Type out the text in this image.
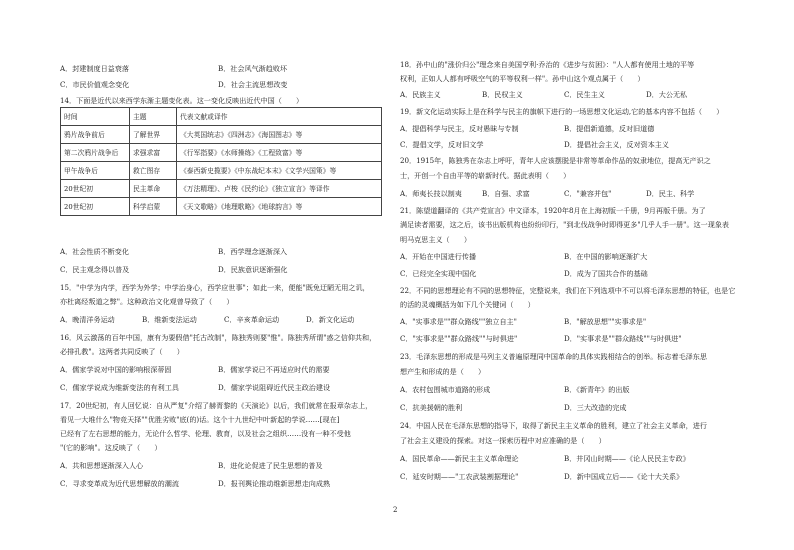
A．封建制度日益衰落	B．社会风气渐趋败坏
C．市民价值观念变化	D．社会主流思想改变
14．下面是近代以来西学东渐主题变化表。这一变化反映出近代中国（　　）
时间	主题	代表文献或译作
鸦片战争前后	了解世界	《大英国统志》《四洲志》《海国图志》等
第二次鸦片战争后	求强求富	《行军指要》《水师操练》《工程致富》等
甲午战争后	救亡图存	《泰西新史揽要》《中东战纪本末》《文学兴国策》等
20世纪初	民主革命	《万法精理》、卢梭《民约论》《独立宣言》等译作
20世纪初	科学启蒙	《天文歌略》《地理歌略》《地球韵言》等
A．社会性质不断变化	B．西学理念逐渐深入
C．民主观念得以普及	D．民族意识逐渐强化
15．"中学为内学，西学为外学；中学治身心，西学应世事"；如此一来，便能"既免迂陋无用之讥，
亦杜离经叛道之弊"。这种政治文化观曾导致了（　　）
A．晚清洋务运动	B．维新变法运动	C．辛亥革命运动	D．新文化运动
16．风云激荡的百年中国，康有为要假借"托古改制"，陈独秀则要"惟"。陈独秀所谓"惑之信仰共和，
必排孔教"。这两者共同反映了（　　）
A．儒家学说对中国的影响根深蒂固	B．儒家学说已不再适应时代的需要
C．儒家学说成为维新变法的有利工具	D．儒家学说阻碍近代民主政治建设
17．20世纪初，有人回忆说：自从严复"介绍了赫胥黎的《天演论》以后，我们就常在报章杂志上，
看见一大堆什么"物竞天择""优胜劣败"底(的)话。这个十九世纪中叶新起的学说……[现在]
已经有了左右思想的能力，无论什么哲学、伦理、教育，以及社会之组织……没有一种不受他
"(它的影响"。这反映了（　　）
A．共和思想逐渐深入人心	B．进化论促进了民生思想的普及
C．寻求变革成为近代思想解放的潮流	D．报刊舆论推动维新思想走向成熟
18．孙中山的"涨价归公"理念来自美国亨利·乔治的《进步与贫困》："人人都有使用土地的平等
权利，正如人人都有呼吸空气的平等权利一样"。孙中山这个观点属于（　　）
A．民族主义	B．民权主义	C．民生主义	D．大公无私
19．新文化运动实际上是在科学与民主的旗帜下进行的一场思想文化运动,它的基本内容不包括（　　）
A．提倡科学与民主，反对愚昧与专制	B．提倡新道德，反对旧道德
C．提倡文学，反对旧文学	D．提倡社会主义，反对资本主义
20．1915年，陈独秀在杂志上呼吁，青年人应该摆脱是非常等革命作品的奴隶地位，提高无产识之
士，开创一个自由平等的崭新时代。据此表明（　　）
A．师夷长技以制夷	B．自强、求富	C．"兼容并包"	D．民主、科学
21．陈望道翻译的《共产党宣言》中文译本，1920年8月在上海初版一千册，9月再版千册。为了
满足读者需要，这之后，该书出版机构也纷纷印行，"到北伐战争时即得更多"几乎人手一册"。这一现象表
明马克思主义（　　）
A．开始在中国进行传播	B．在中国的影响逐渐扩大
C．已经完全实现中国化	D．成为了国共合作的基础
22．不同的思想理论有不同的思想特征，完整说来，我们在下列选项中不可以将毛泽东思想的特征，也是它
的活的灵魂概括为如下几个关键词（　　）
A．"实事求是""群众路线""独立自主"	B．"解放思想""实事求是"
C．"实事求是""群众路线""与时俱进"	D．"实事求是""群众路线""与时俱进"
23．毛泽东思想的形成是马列主义普遍原理同中国革命的具体实践相结合的创举。标志着毛泽东思
想产生和形成的是（　　）
A．农村包围城市道路的形成	B．《新青年》的出版
C．抗美援朝的胜利	D．三大改造的完成
24．中国人民在毛泽东思想的指导下，取得了新民主主义革命的胜利，建立了社会主义革命，进行
了社会主义建设的探索。对这一探索历程中对应准确的是（　　）
A．国民革命——新民主主义革命理论	B．井冈山时期——《论人民民主专政》
C．延安时期——"工农武装割据理论"	D．新中国成立后——《论十大关系》
2
